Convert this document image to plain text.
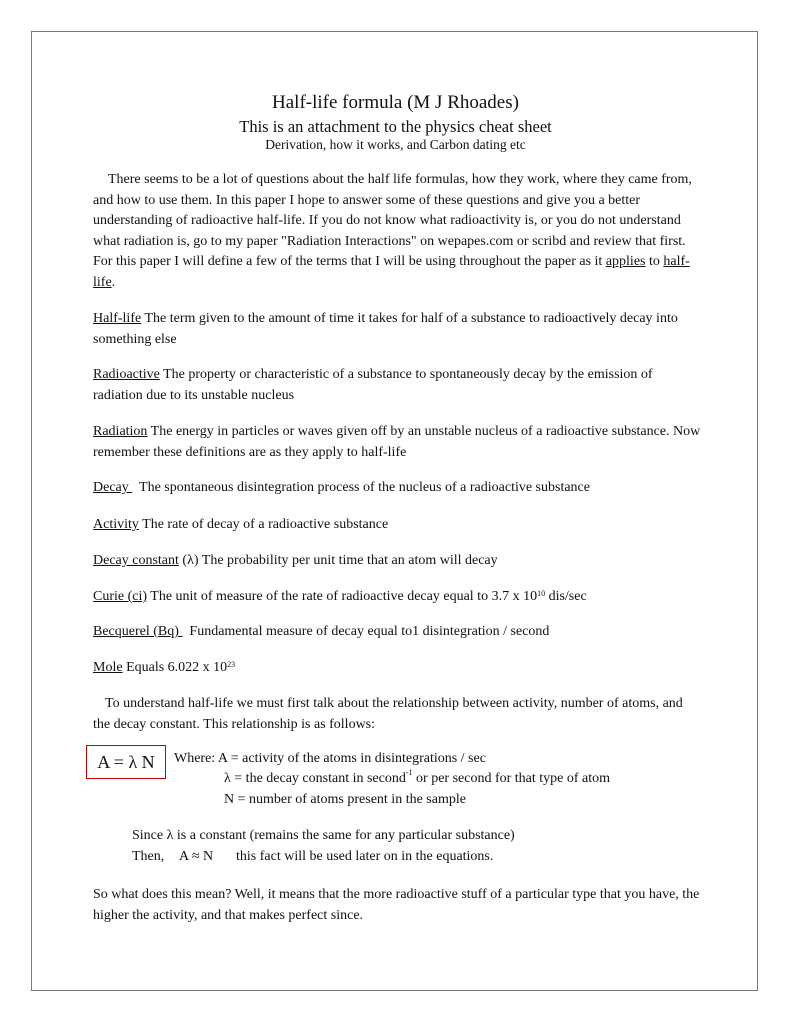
Half-life formula (M J Rhoades)
This is an attachment to the physics cheat sheet
Derivation, how it works, and Carbon dating etc
There seems to be a lot of questions about the half life formulas, how they work, where they came from, and how to use them. In this paper I hope to answer some of these questions and give you a better understanding of radioactive half-life. If you do not know what radioactivity is, or you do not understand what radiation is, go to my paper "Radiation Interactions" on wepapes.com or scribd and review that first. For this paper I will define a few of the terms that I will be using throughout the paper as it applies to half-life.
Half-life The term given to the amount of time it takes for half of a substance to radioactively decay into something else
Radioactive The property or characteristic of a substance to spontaneously decay by the emission of radiation due to its unstable nucleus
Radiation The energy in particles or waves given off by an unstable nucleus of a radioactive substance. Now remember these definitions are as they apply to half-life
Decay   The spontaneous disintegration process of the nucleus of a radioactive substance
Activity The rate of decay of a radioactive substance
Decay constant (λ) The probability per unit time that an atom will decay
Curie (ci) The unit of measure of the rate of radioactive decay equal to 3.7 x $10^{10}$ dis/sec
Becquerel (Bq)   Fundamental measure of decay equal to1 disintegration / second
Mole Equals 6.022 x $10^{23}$
To understand half-life we must first talk about the relationship between activity, number of atoms, and the decay constant. This relationship is as follows:
A = λ N	Where: A = activity of the atoms in disintegrations / sec
λ = the decay constant in second$^{-1}$ or per second for that type of atom
N = number of atoms present in the sample
Since λ is a constant (remains the same for any particular substance)
Then, A ≈ N this fact will be used later on in the equations.
So what does this mean? Well, it means that the more radioactive stuff of a particular type that you have, the higher the activity, and that makes perfect since.
